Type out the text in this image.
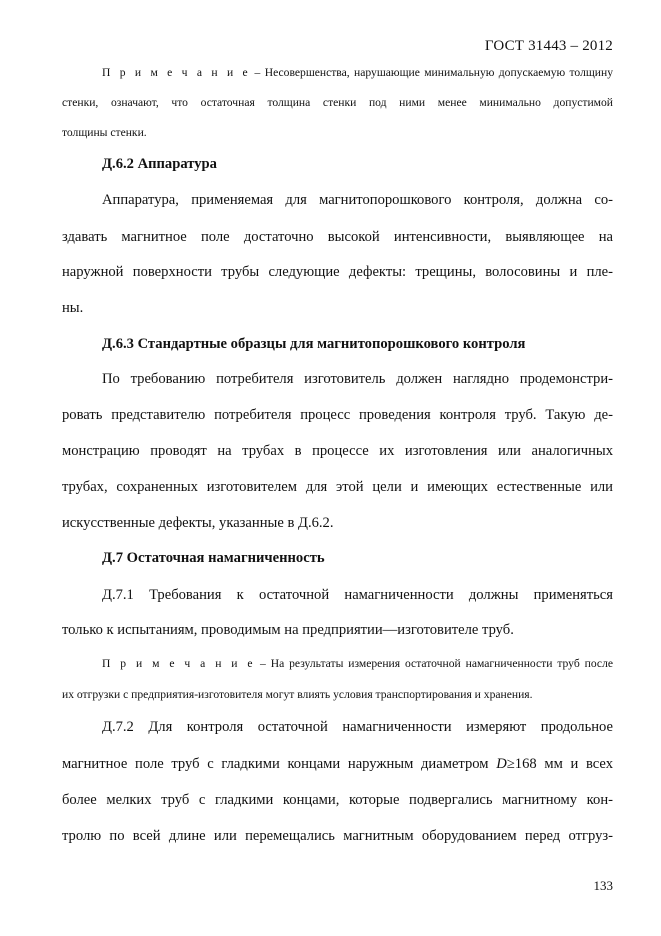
ГОСТ 31443 – 2012
П р и м е ч а н и е – Несовершенства, нарушающие минимальную допускаемую толщину
стенки, означают, что остаточная толщина стенки под ними менее минимально допустимой
толщины стенки.
Д.6.2 Аппаратура
Аппаратура, применяемая для магнитопорошкового контроля, должна со-
здавать магнитное поле достаточно высокой интенсивности, выявляющее на
наружной поверхности трубы следующие дефекты: трещины, волосовины и пле-
ны.
Д.6.3 Стандартные образцы для магнитопорошкового контроля
По требованию потребителя изготовитель должен наглядно продемонстри-
ровать представителю потребителя процесс проведения контроля труб. Такую де-
монстрацию проводят на трубах в процессе их изготовления или аналогичных
трубах, сохраненных изготовителем для этой цели и имеющих естественные или
искусственные дефекты, указанные в Д.6.2.
Д.7 Остаточная намагниченность
Д.7.1 Требования к остаточной намагниченности должны применяться
только к испытаниям, проводимым на предприятии—изготовителе труб.
П р и м е ч а н и е – На результаты измерения остаточной намагниченности труб после
их отгрузки с предприятия-изготовителя могут влиять условия транспортирования и хранения.
Д.7.2 Для контроля остаточной намагниченности измеряют продольное
магнитное поле труб с гладкими концами наружным диаметром D≥168 мм и всех
более мелких труб с гладкими концами, которые подвергались магнитному кон-
тролю по всей длине или перемещались магнитным оборудованием перед отгруз-
133
